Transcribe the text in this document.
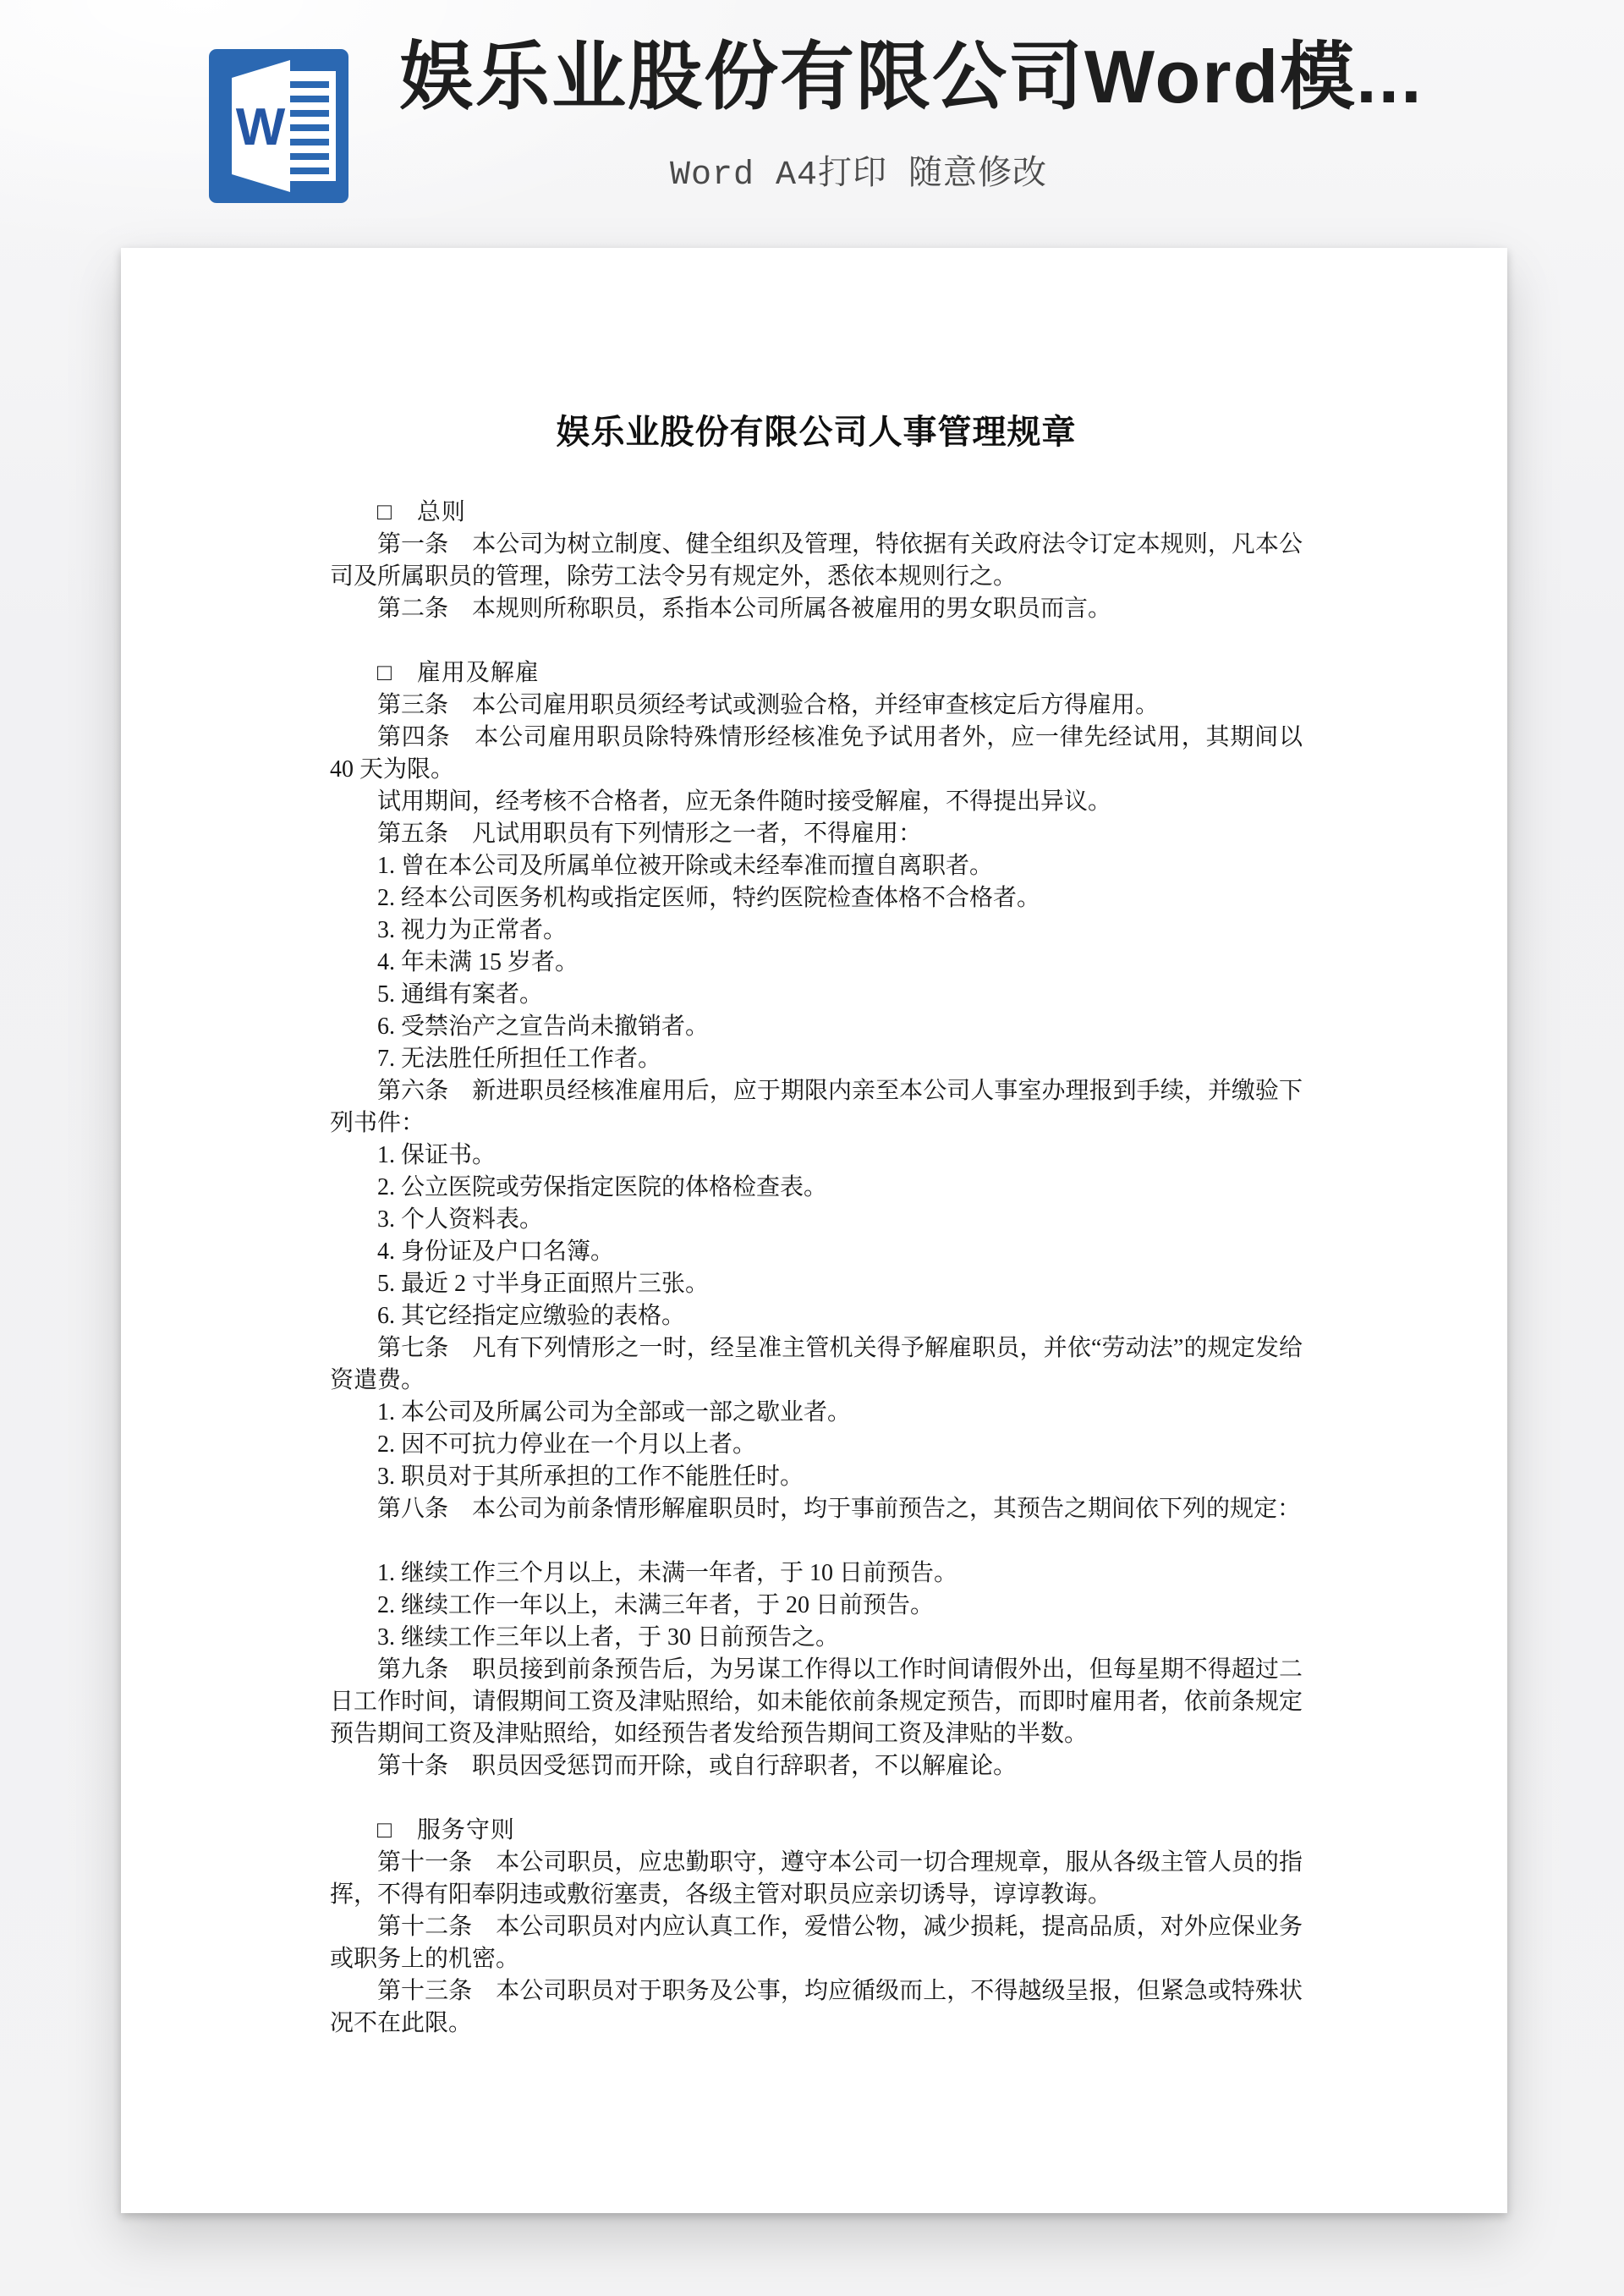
W
娱乐业股份有限公司Word模...
Word A4打印 随意修改
娱乐业股份有限公司人事管理规章
□　总则
第一条　本公司为树立制度、健全组织及管理，特依据有关政府法令订定本规则，凡本公司及所属职员的管理，除劳工法令另有规定外，悉依本规则行之。
第二条　本规则所称职员，系指本公司所属各被雇用的男女职员而言。
□　雇用及解雇
第三条　本公司雇用职员须经考试或测验合格，并经审查核定后方得雇用。
第四条　本公司雇用职员除特殊情形经核准免予试用者外，应一律先经试用，其期间以 40 天为限。
试用期间，经考核不合格者，应无条件随时接受解雇，不得提出异议。
第五条　凡试用职员有下列情形之一者，不得雇用：
1. 曾在本公司及所属单位被开除或未经奉准而擅自离职者。
2. 经本公司医务机构或指定医师，特约医院检查体格不合格者。
3. 视力为正常者。
4. 年未满 15 岁者。
5. 通缉有案者。
6. 受禁治产之宣告尚未撤销者。
7. 无法胜任所担任工作者。
第六条　新进职员经核准雇用后，应于期限内亲至本公司人事室办理报到手续，并缴验下列书件：
1. 保证书。
2. 公立医院或劳保指定医院的体格检查表。
3. 个人资料表。
4. 身份证及户口名簿。
5. 最近 2 寸半身正面照片三张。
6. 其它经指定应缴验的表格。
第七条　凡有下列情形之一时，经呈准主管机关得予解雇职员，并依“劳动法”的规定发给资遣费。
1. 本公司及所属公司为全部或一部之歇业者。
2. 因不可抗力停业在一个月以上者。
3. 职员对于其所承担的工作不能胜任时。
第八条　本公司为前条情形解雇职员时，均于事前预告之，其预告之期间依下列的规定：
1. 继续工作三个月以上，未满一年者，于 10 日前预告。
2. 继续工作一年以上，未满三年者，于 20 日前预告。
3. 继续工作三年以上者，于 30 日前预告之。
第九条　职员接到前条预告后，为另谋工作得以工作时间请假外出，但每星期不得超过二日工作时间，请假期间工资及津贴照给，如未能依前条规定预告，而即时雇用者，依前条规定预告期间工资及津贴照给，如经预告者发给预告期间工资及津贴的半数。
第十条　职员因受惩罚而开除，或自行辞职者，不以解雇论。
□　服务守则
第十一条　本公司职员，应忠勤职守，遵守本公司一切合理规章，服从各级主管人员的指挥，不得有阳奉阴违或敷衍塞责，各级主管对职员应亲切诱导，谆谆教诲。
第十二条　本公司职员对内应认真工作，爱惜公物，减少损耗，提高品质，对外应保业务或职务上的机密。
第十三条　本公司职员对于职务及公事，均应循级而上，不得越级呈报，但紧急或特殊状况不在此限。
